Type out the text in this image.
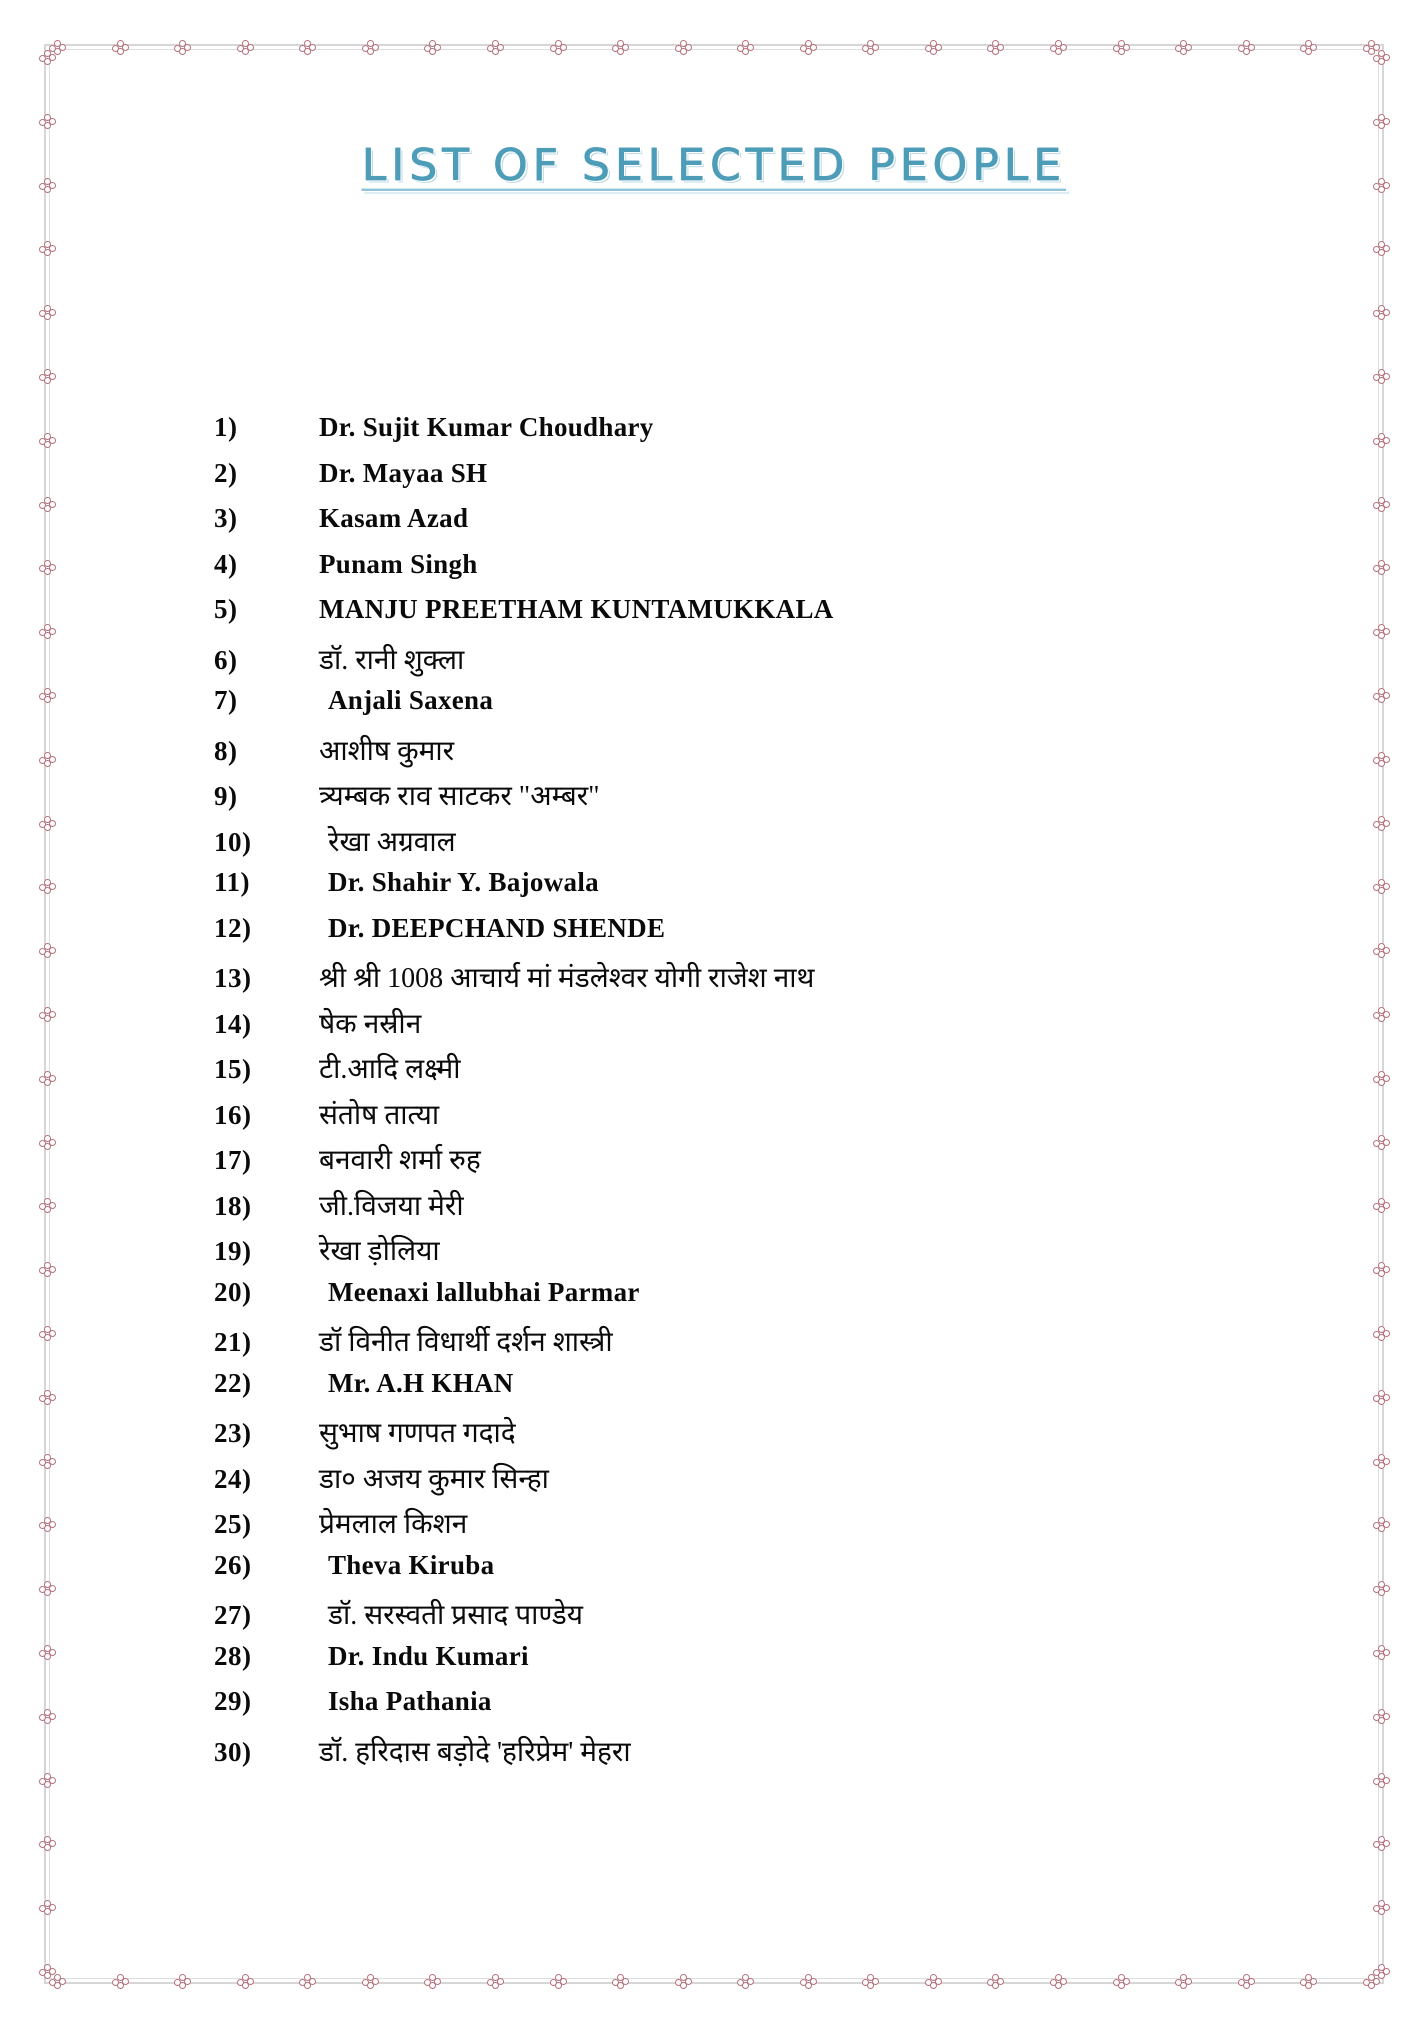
LIST OF SELECTED PEOPLE
1)	Dr. Sujit Kumar Choudhary
2)	Dr. Mayaa SH
3)	Kasam Azad
4)	Punam Singh
5)	MANJU PREETHAM KUNTAMUKKALA
6)	डॉ. रानी शुक्ला
7)	Anjali Saxena
8)	आशीष कुमार
9)	त्र्यम्बक राव साटकर "अम्बर"
10)	रेखा अग्रवाल
11)	Dr. Shahir Y. Bajowala
12)	Dr. DEEPCHAND SHENDE
13)	श्री श्री 1008 आचार्य मां मंडलेश्वर योगी राजेश नाथ
14)	षेक नस्रीन
15)	टी.आदि लक्ष्मी
16)	संतोष तात्या
17)	बनवारी शर्मा रुह
18)	जी.विजया मेरी
19)	रेखा ड़ोलिया
20)	Meenaxi lallubhai Parmar
21)	डॉ विनीत विधार्थी दर्शन शास्त्री
22)	Mr. A.H KHAN
23)	सुभाष गणपत गदादे
24)	डा० अजय कुमार सिन्हा
25)	प्रेमलाल किशन
26)	Theva Kiruba
27)	डॉ. सरस्वती प्रसाद पाण्डेय
28)	Dr. Indu Kumari
29)	Isha Pathania
30)	डॉ. हरिदास बड़ोदे 'हरिप्रेम' मेहरा
